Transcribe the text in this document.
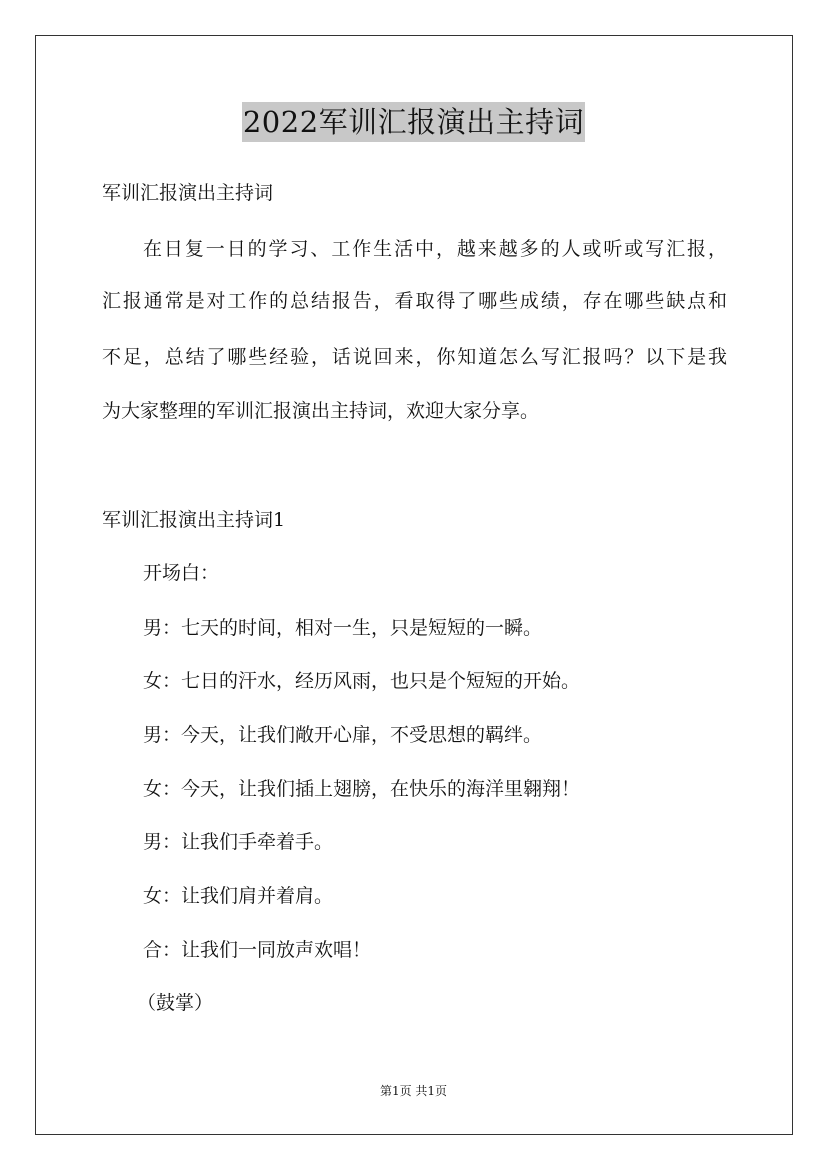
2022军训汇报演出主持词
军训汇报演出主持词
在日复一日的学习、工作生活中，越来越多的人或听或写汇报，
汇报通常是对工作的总结报告，看取得了哪些成绩，存在哪些缺点和
不足，总结了哪些经验，话说回来，你知道怎么写汇报吗？以下是我
为大家整理的军训汇报演出主持词，欢迎大家分享。
军训汇报演出主持词1
开场白：
男：七天的时间，相对一生，只是短短的一瞬。
女：七日的汗水，经历风雨，也只是个短短的开始。
男：今天，让我们敞开心扉，不受思想的羁绊。
女：今天，让我们插上翅膀，在快乐的海洋里翱翔！
男：让我们手牵着手。
女：让我们肩并着肩。
合：让我们一同放声欢唱！
（鼓掌）
第1页 共1页
